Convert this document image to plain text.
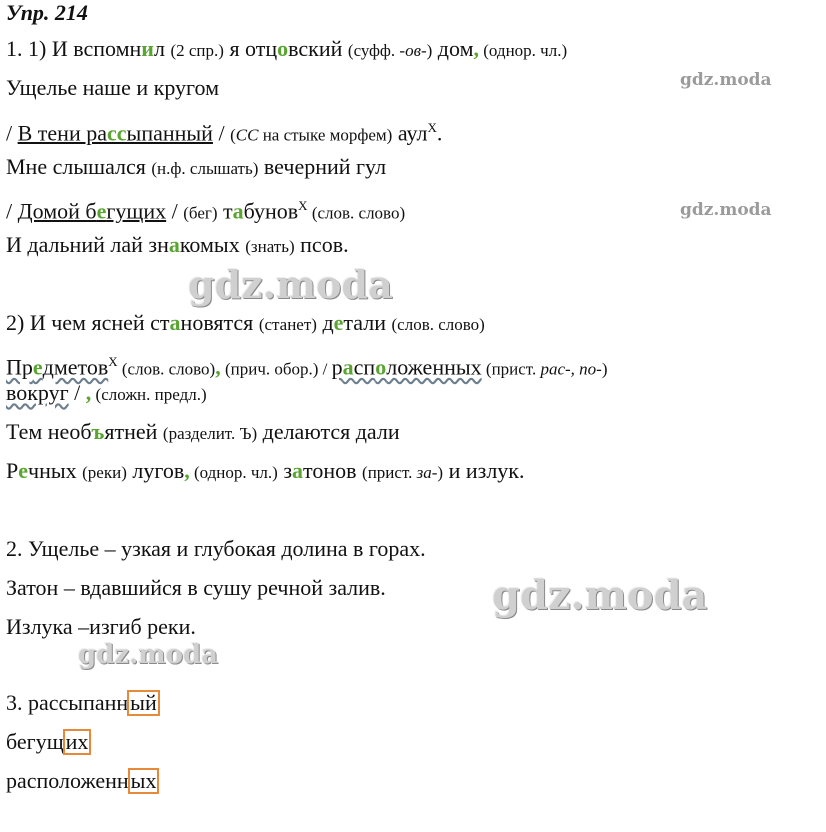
Упр. 214
gdz.moda
gdz.moda
gdz.moda
gdz.moda
gdz.moda
1. 1) И вспомнил (2 спр.) я отцовский (суфф. -ов-) дом, (однор. чл.)
Ущелье наше и кругом
/ В тени рассыпанный / (СС на стыке морфем) аул$^Х$.
Мне слышался (н.ф. слышать) вечерний гул
/ Домой бегущих / (бег) табунов$^Х$ (слов. слово)
И дальний лай знакомых (знать) псов.
2) И чем ясней становятся (станет) детали (слов. слово)
Предметов$^Х$ (слов. слово), (прич. обор.) / расположенных (прист. рас-, по-)
вокруг / , (сложн. предл.)
Тем необъятней (разделит. Ъ) делаются дали
Речных (реки) лугов, (однор. чл.) затонов (прист. за-) и излук.
2. Ущелье – узкая и глубокая долина в горах.
Затон – вдавшийся в сушу речной залив.
Излука –изгиб реки.
3. рассыпанный
бегущих
расположенных
